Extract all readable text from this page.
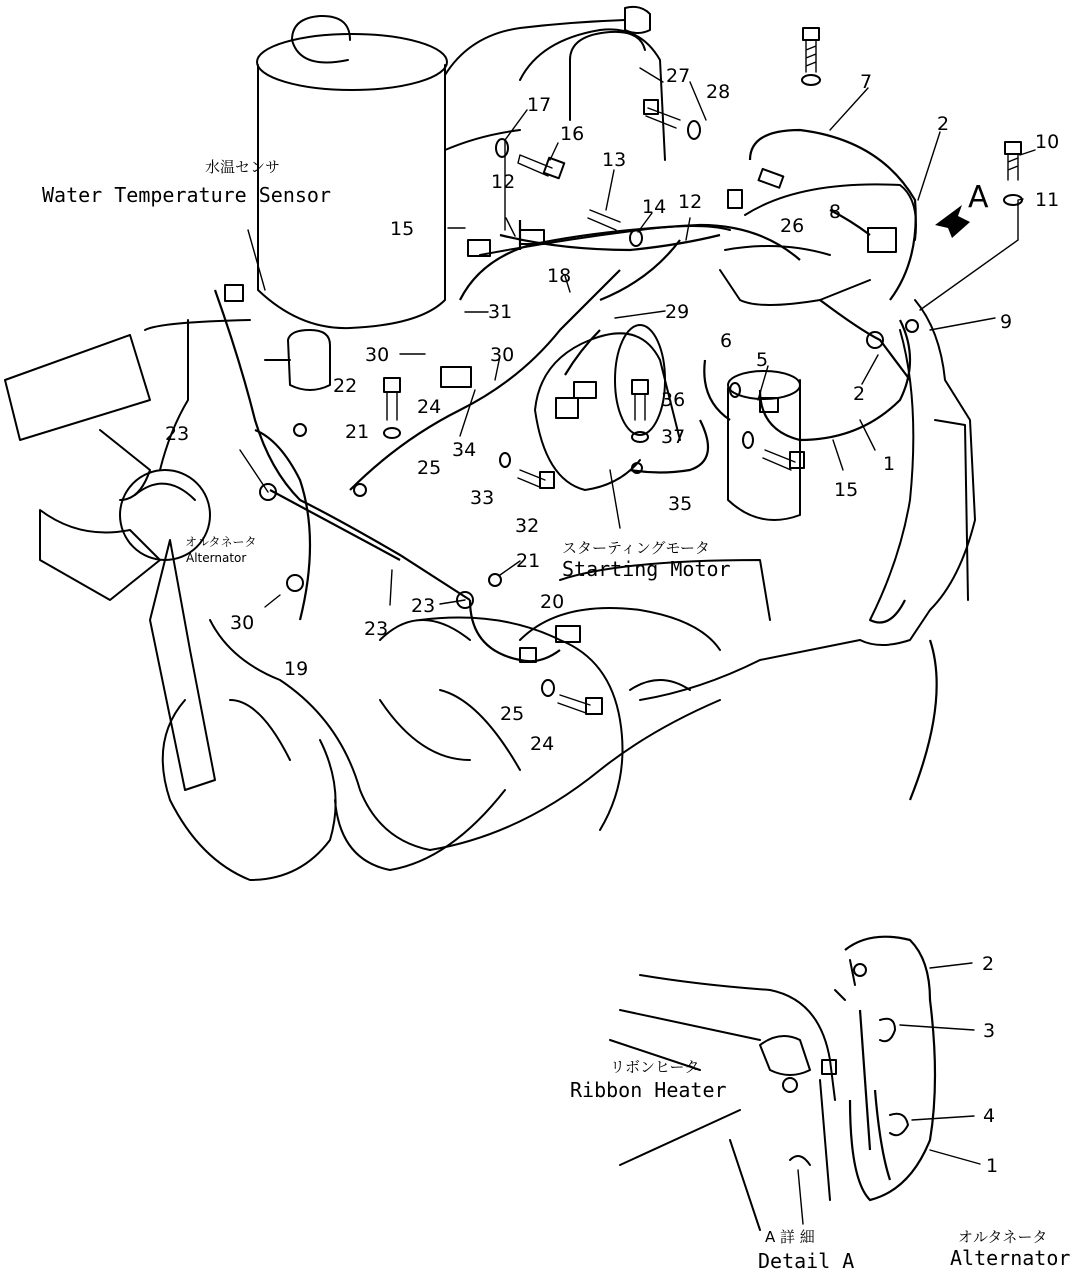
A
水温センサ
Water Temperature Sensor
オルタネータ
Alternator
スターティングモータ
Starting Motor
リボンヒータ
Ribbon Heater
A 詳 細
Detail A
オルタネータ
Alternator
27
28
17
16
13
14
12
12
26
8
7
2
10
11
9
15
18
29
31
30	30
34
24
25
22
21
23
33
32
36
37
35
6
5
2
1
15
30
19
23
23
21
20
25
24
2
3
4
1
